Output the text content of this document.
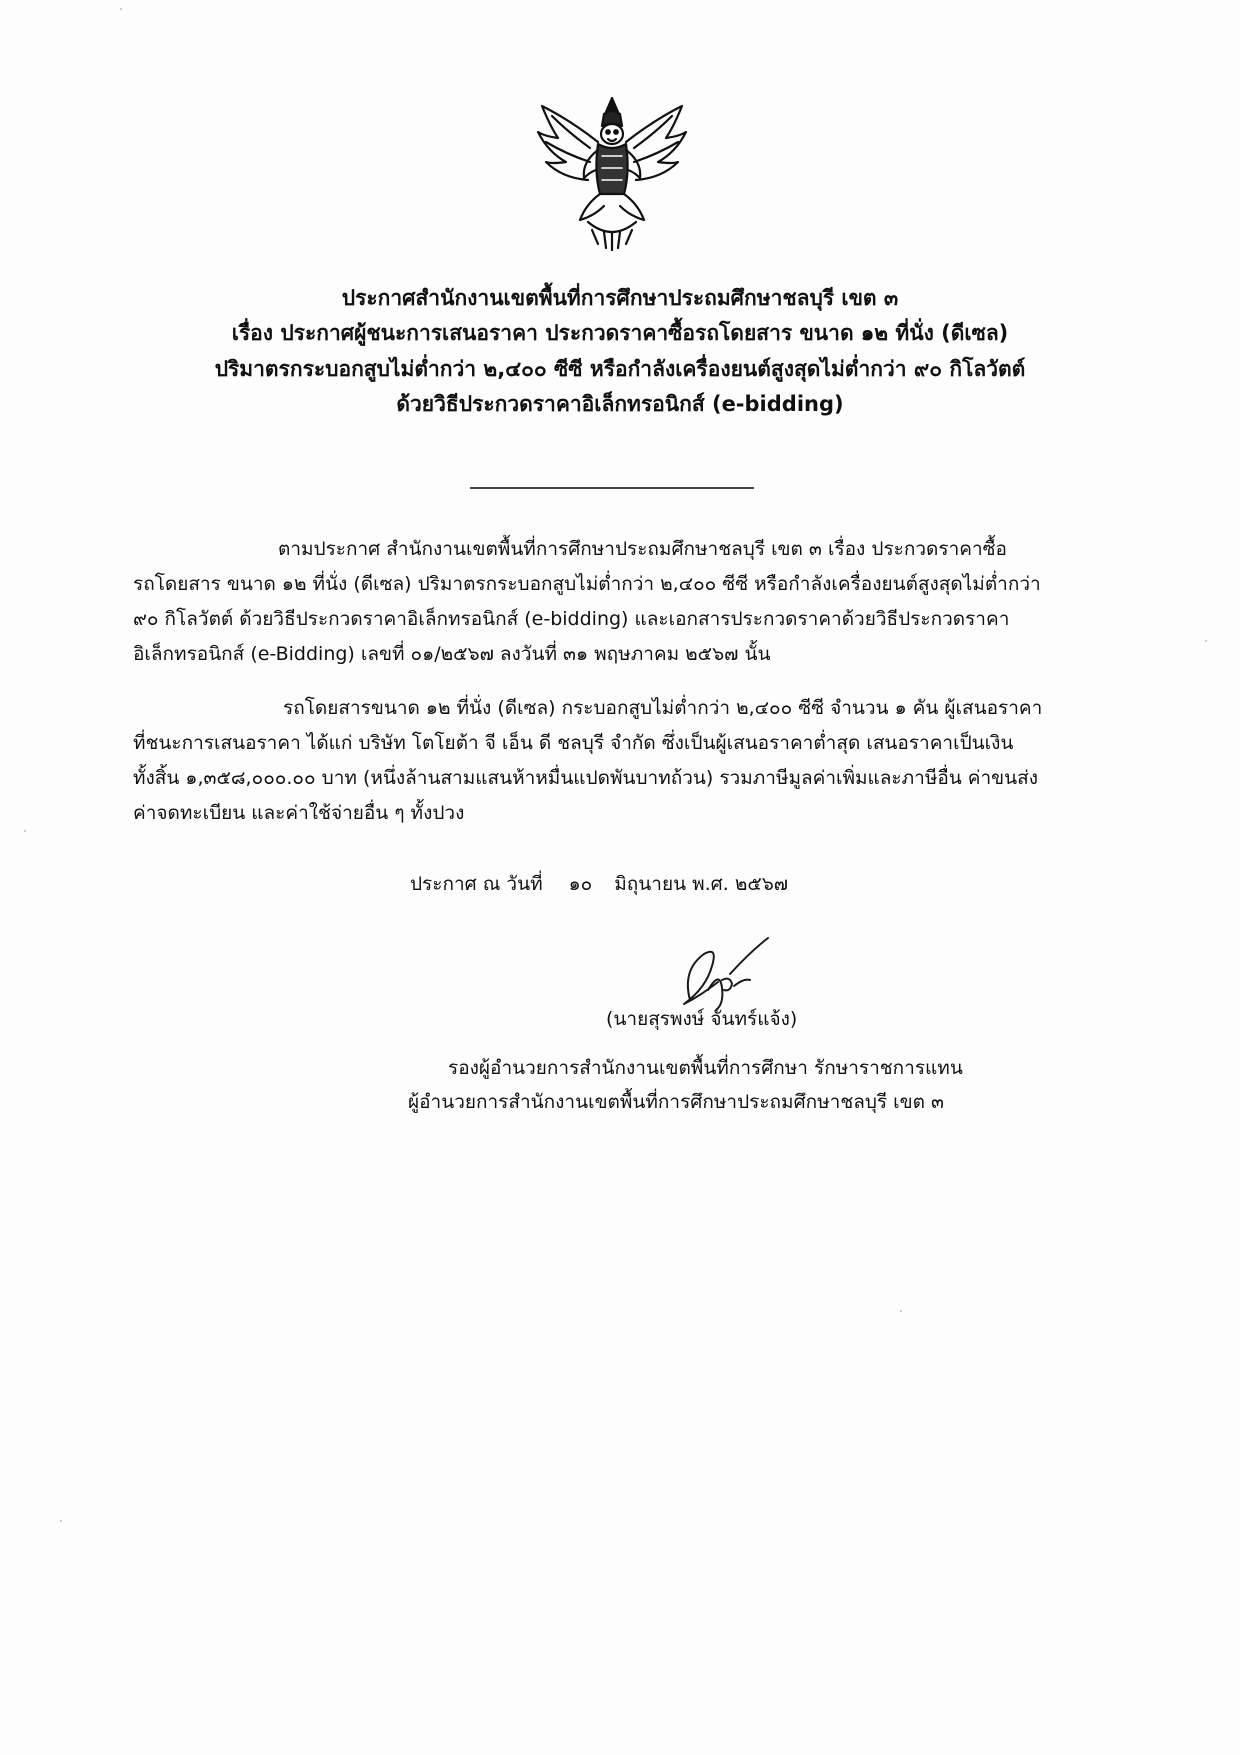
ประกาศสำนักงานเขตพื้นที่การศึกษาประถมศึกษาชลบุรี เขต ๓
เรื่อง ประกาศผู้ชนะการเสนอราคา ประกวดราคาซื้อรถโดยสาร ขนาด ๑๒ ที่นั่ง (ดีเซล)
ปริมาตรกระบอกสูบไม่ต่ำกว่า ๒,๔๐๐ ซีซี หรือกำลังเครื่องยนต์สูงสุดไม่ต่ำกว่า ๙๐ กิโลวัตต์
ด้วยวิธีประกวดราคาอิเล็กทรอนิกส์ (e-bidding)
ตามประกาศ สำนักงานเขตพื้นที่การศึกษาประถมศึกษาชลบุรี เขต ๓ เรื่อง ประกวดราคาซื้อ
รถโดยสาร ขนาด ๑๒ ที่นั่ง (ดีเซล) ปริมาตรกระบอกสูบไม่ต่ำกว่า ๒,๔๐๐ ซีซี หรือกำลังเครื่องยนต์สูงสุดไม่ต่ำกว่า
๙๐ กิโลวัตต์ ด้วยวิธีประกวดราคาอิเล็กทรอนิกส์ (e-bidding) และเอกสารประกวดราคาด้วยวิธีประกวดราคา
อิเล็กทรอนิกส์ (e-Bidding) เลขที่ ๐๑/๒๕๖๗ ลงวันที่ ๓๑ พฤษภาคม ๒๕๖๗ นั้น
รถโดยสารขนาด ๑๒ ที่นั่ง (ดีเซล) กระบอกสูบไม่ต่ำกว่า ๒,๔๐๐ ซีซี จำนวน ๑ คัน ผู้เสนอราคา
ที่ชนะการเสนอราคา ได้แก่ บริษัท โตโยต้า จี เอ็น ดี ชลบุรี จำกัด ซึ่งเป็นผู้เสนอราคาต่ำสุด เสนอราคาเป็นเงิน
ทั้งสิ้น ๑,๓๕๘,๐๐๐.๐๐ บาท (หนึ่งล้านสามแสนห้าหมื่นแปดพันบาทถ้วน) รวมภาษีมูลค่าเพิ่มและภาษีอื่น ค่าขนส่ง
ค่าจดทะเบียน และค่าใช้จ่ายอื่น ๆ ทั้งปวง
ประกาศ ณ วันที่ ๑๐ มิถุนายน พ.ศ. ๒๕๖๗
(นายสุรพงษ์ จันทร์แจ้ง)
รองผู้อำนวยการสำนักงานเขตพื้นที่การศึกษา รักษาราชการแทน
ผู้อำนวยการสำนักงานเขตพื้นที่การศึกษาประถมศึกษาชลบุรี เขต ๓
